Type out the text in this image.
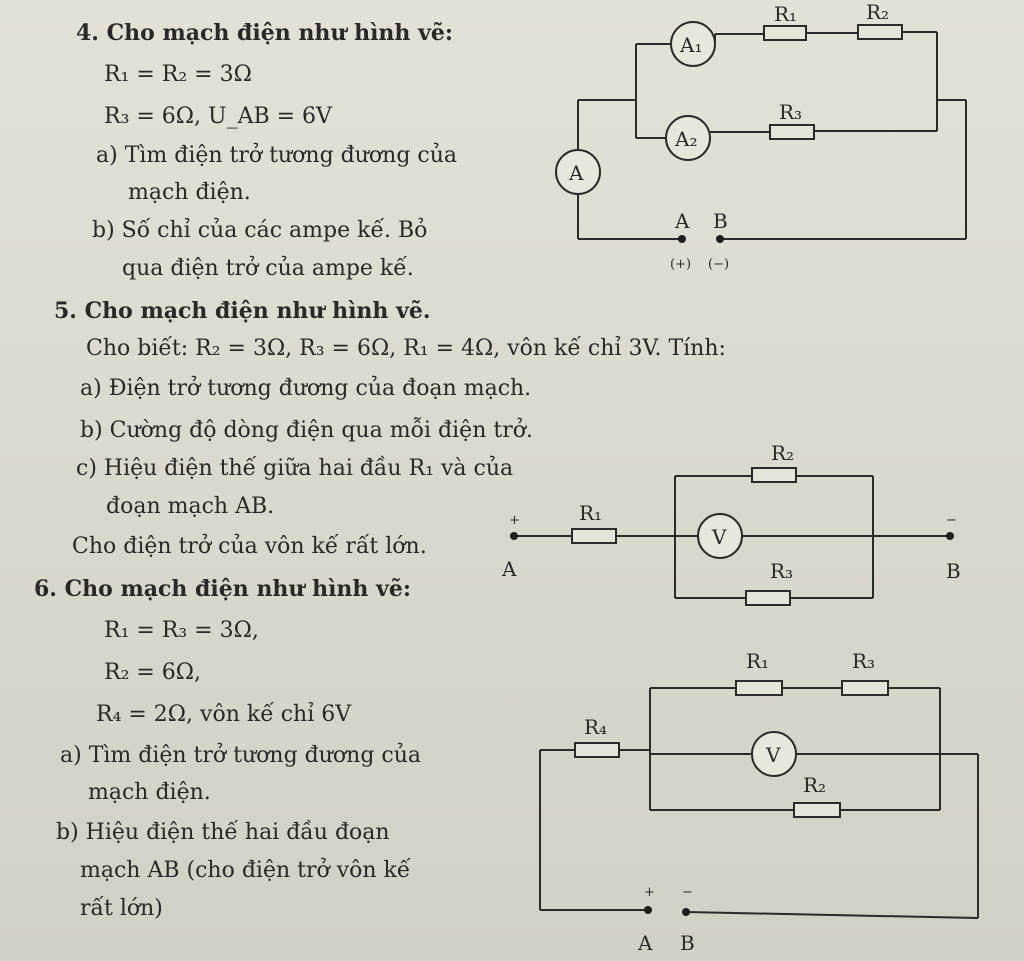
4. Cho mạch điện như hình vẽ:
R₁ = R₂ = 3Ω
R₃ = 6Ω, U_AB = 6V
a) Tìm điện trở tương đương của
mạch điện.
b) Số chỉ của các ampe kế. Bỏ
qua điện trở của ampe kế.
5. Cho mạch điện như hình vẽ.
Cho biết: R₂ = 3Ω, R₃ = 6Ω, R₁ = 4Ω, vôn kế chỉ 3V. Tính:
a) Điện trở tương đương của đoạn mạch.
b) Cường độ dòng điện qua mỗi điện trở.
c) Hiệu điện thế giữa hai đầu R₁ và của
đoạn mạch AB.
Cho điện trở của vôn kế rất lớn.
6. Cho mạch điện như hình vẽ:
R₁ = R₃ = 3Ω,
R₂ = 6Ω,
R₄ = 2Ω, vôn kế chỉ 6V
a) Tìm điện trở tương đương của
mạch điện.
b) Hiệu điện thế hai đầu đoạn
mạch AB (cho điện trở vôn kế
rất lớn)
A₁
R₁	R₂
A₂
R₃
A
A B
(+) (−)
R₁
R₂
V
R₃
+	−
A	B
R₁	R₃
R₂
R₄
V
+ −
A B
